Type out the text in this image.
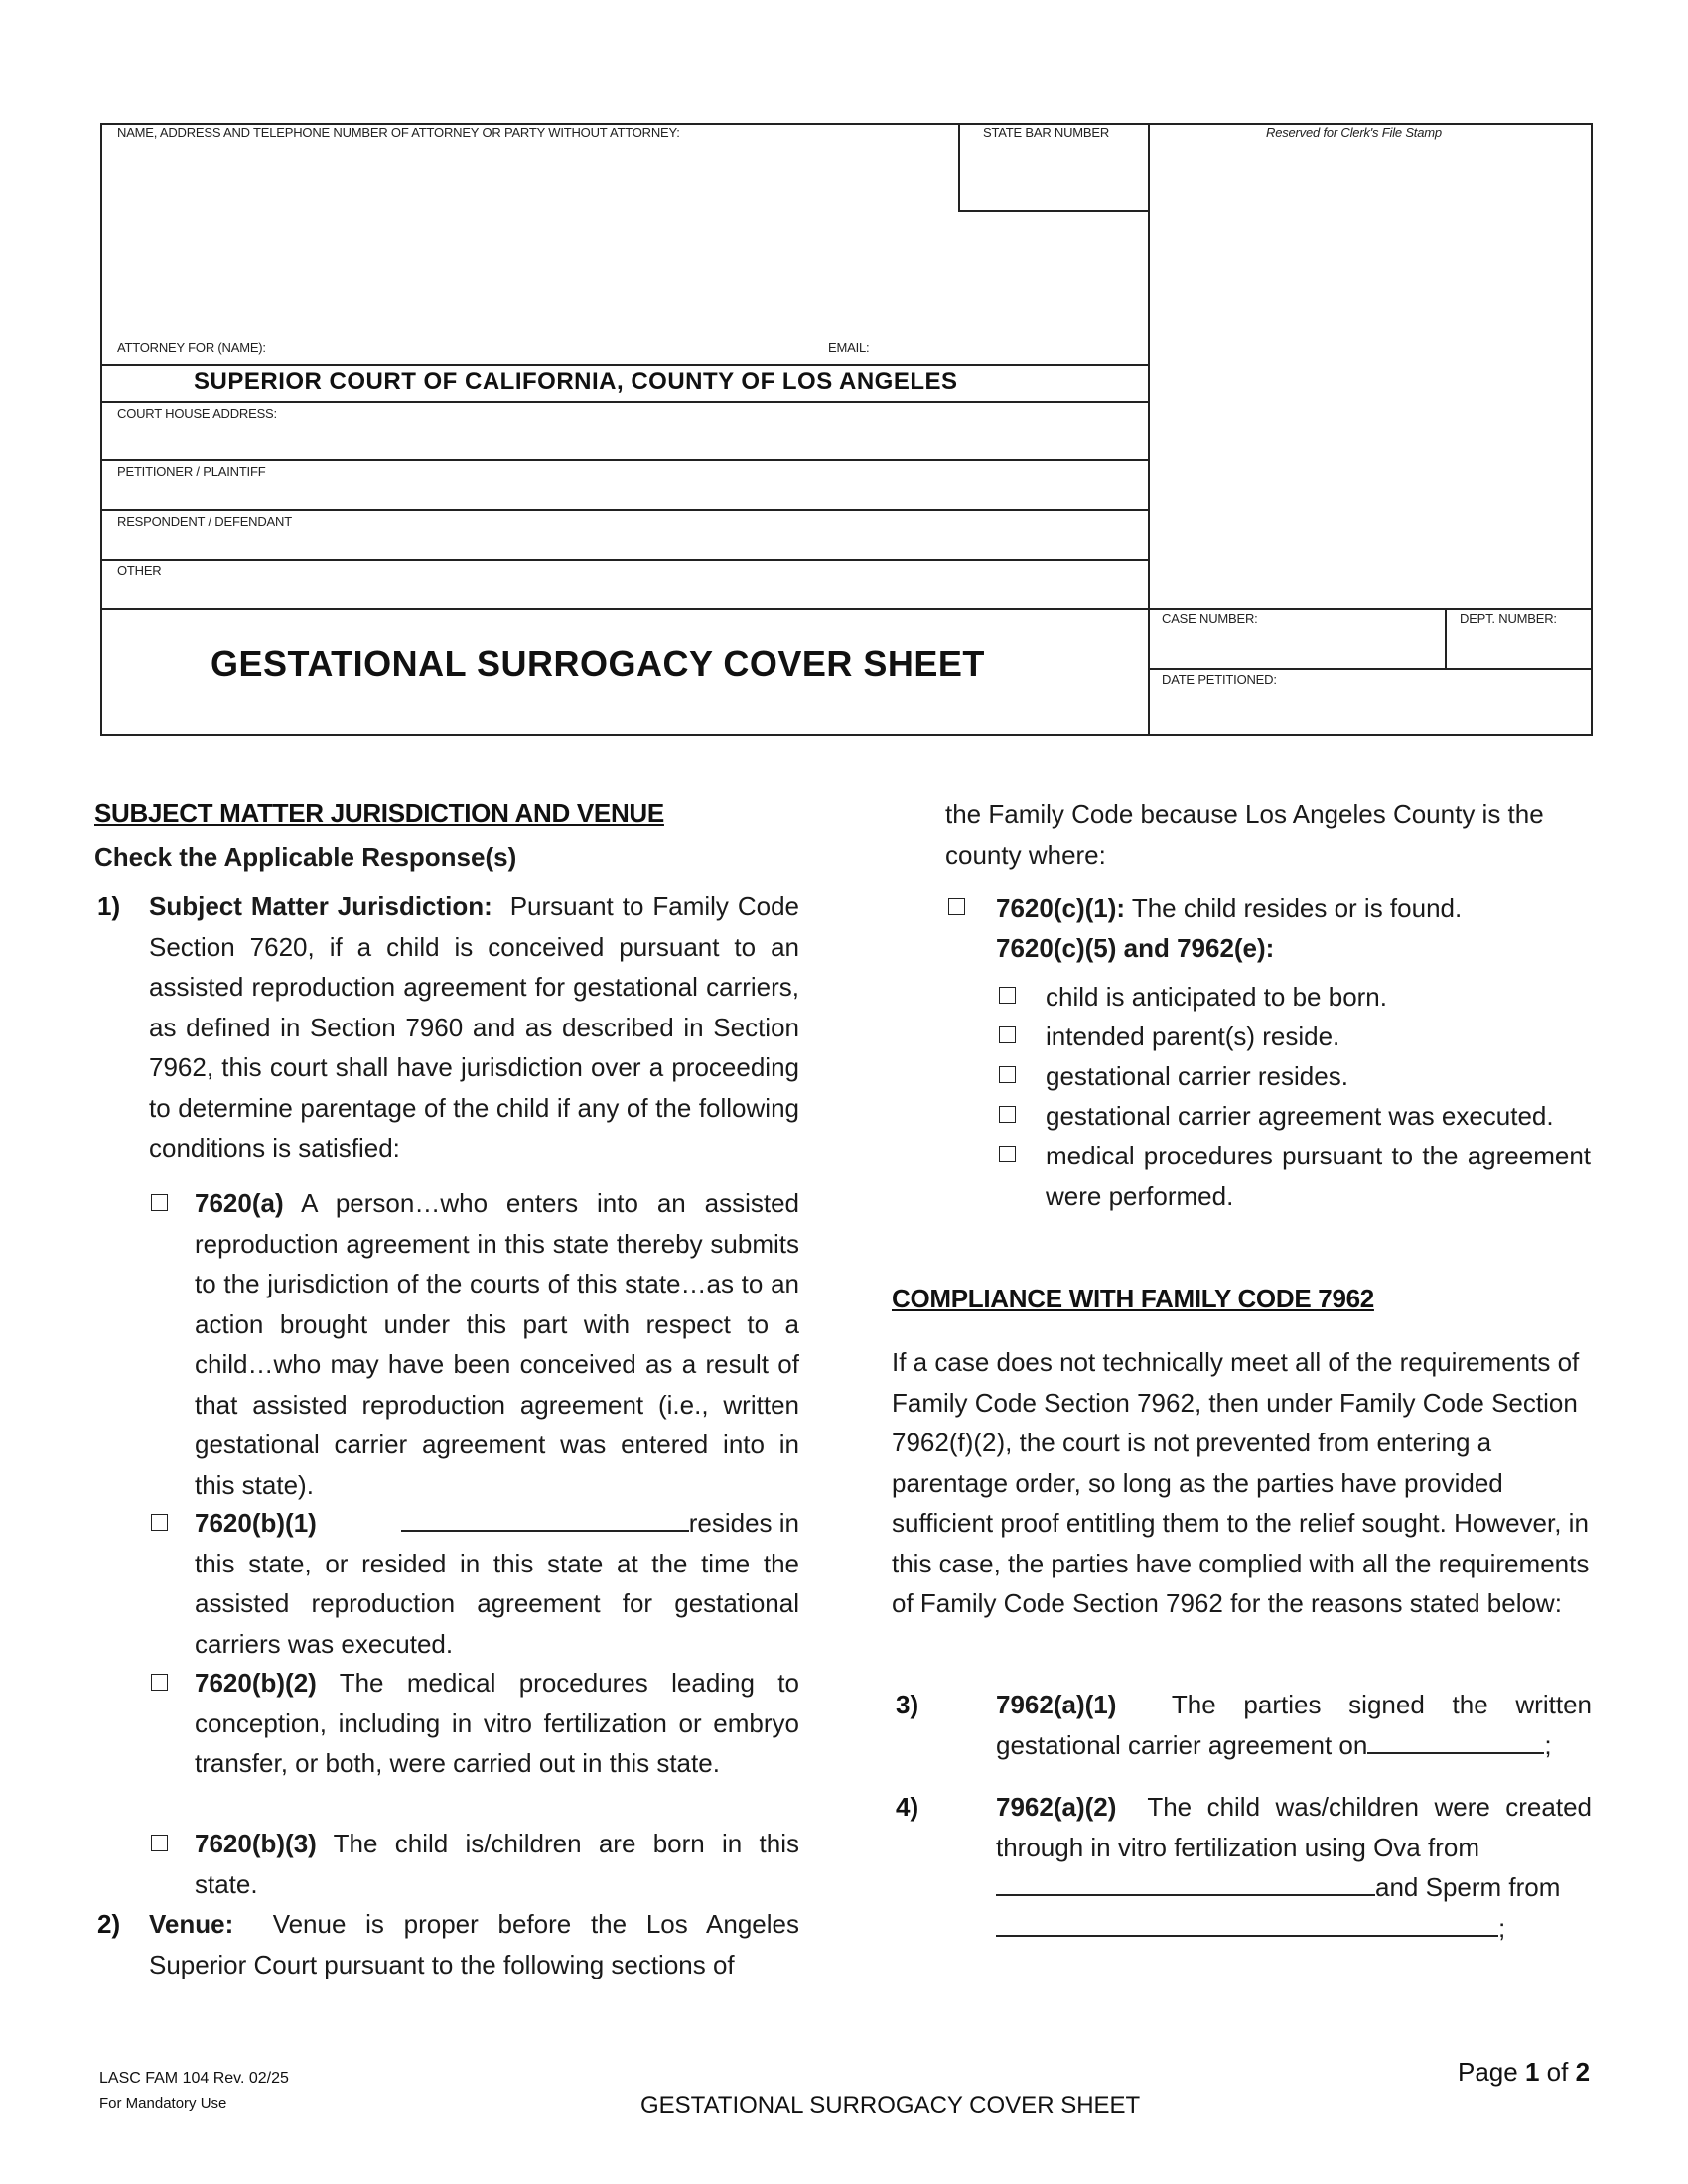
NAME, ADDRESS AND TELEPHONE NUMBER OF ATTORNEY OR PARTY WITHOUT ATTORNEY:	STATE BAR NUMBER	Reserved for Clerk's File Stamp
ATTORNEY FOR (NAME):	EMAIL:
SUPERIOR COURT OF CALIFORNIA, COUNTY OF LOS ANGELES
COURT HOUSE ADDRESS:
PETITIONER / PLAINTIFF
RESPONDENT / DEFENDANT
OTHER
GESTATIONAL SURROGACY COVER SHEET
CASE NUMBER:	DEPT. NUMBER:
DATE PETITIONED:
SUBJECT MATTER JURISDICTION AND VENUE
Check the Applicable Response(s)
1) Subject Matter Jurisdiction: Pursuant to Family Code Section 7620, if a child is conceived pursuant to an assisted reproduction agreement for gestational carriers, as defined in Section 7960 and as described in Section 7962, this court shall have jurisdiction over a proceeding to determine parentage of the child if any of the following conditions is satisfied:
7620(a) A person…who enters into an assisted reproduction agreement in this state thereby submits to the jurisdiction of the courts of this state…as to an action brought under this part with respect to a child…who may have been conceived as a result of that assisted reproduction agreement (i.e., written gestational carrier agreement was entered into in this state).
7620(b)(1)	resides in
this state, or resided in this state at the time the assisted reproduction agreement for gestational carriers was executed.
7620(b)(2) The medical procedures leading to conception, including in vitro fertilization or embryo transfer, or both, were carried out in this state.
7620(b)(3) The child is/children are born in this state.
2) Venue: Venue is proper before the Los Angeles Superior Court pursuant to the following sections of
the Family Code because Los Angeles County is the county where:
7620(c)(1): The child resides or is found.
7620(c)(5) and 7962(e):
child is anticipated to be born.
intended parent(s) reside.
gestational carrier resides.
gestational carrier agreement was executed.
medical procedures pursuant to the agreement were performed.
COMPLIANCE WITH FAMILY CODE 7962
If a case does not technically meet all of the requirements of Family Code Section 7962, then under Family Code Section 7962(f)(2), the court is not prevented from entering a parentage order, so long as the parties have provided sufficient proof entitling them to the relief sought. However, in this case, the parties have complied with all the requirements of Family Code Section 7962 for the reasons stated below:
3)	7962(a)(1) The parties signed the written gestational carrier agreement on	;
4)	7962(a)(2) The child was/children were created through in vitro fertilization using Ova from
and Sperm from
;
LASC FAM 104 Rev. 02/25
For Mandatory Use	GESTATIONAL SURROGACY COVER SHEET
Page 1 of 2
